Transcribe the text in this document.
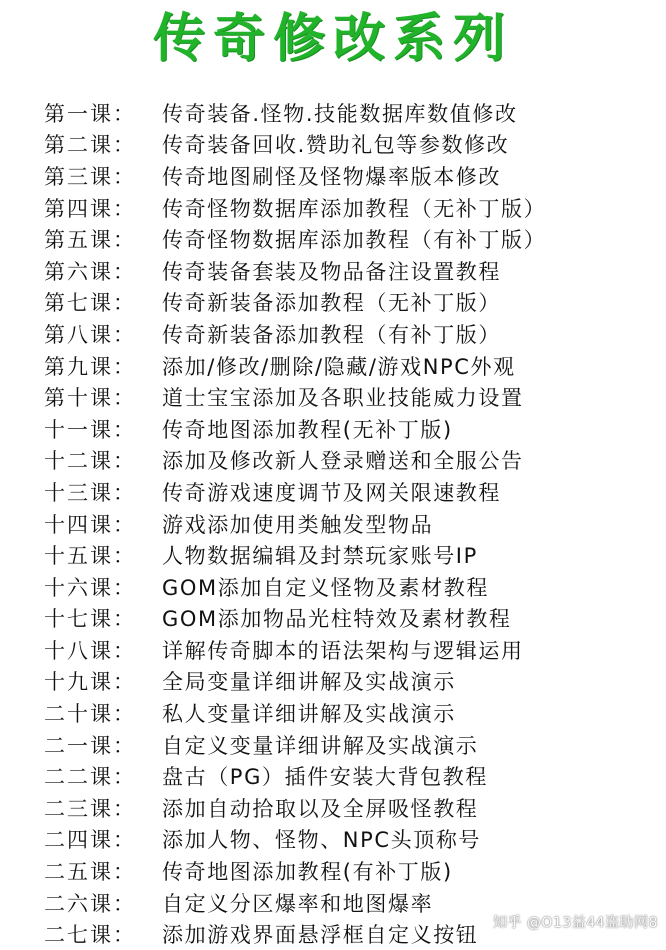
传奇修改系列
第一课：	传奇装备.怪物.技能数据库数值修改
第二课：	传奇装备回收.赞助礼包等参数修改
第三课：	传奇地图刷怪及怪物爆率版本修改
第四课：	传奇怪物数据库添加教程（无补丁版）
第五课：	传奇怪物数据库添加教程（有补丁版）
第六课：	传奇装备套装及物品备注设置教程
第七课：	传奇新装备添加教程（无补丁版）
第八课：	传奇新装备添加教程（有补丁版）
第九课：	添加/修改/删除/隐藏/游戏NPC外观
第十课：	道士宝宝添加及各职业技能威力设置
十一课：	传奇地图添加教程(无补丁版)
十二课：	添加及修改新人登录赠送和全服公告
十三课：	传奇游戏速度调节及网关限速教程
十四课：	游戏添加使用类触发型物品
十五课：	人物数据编辑及封禁玩家账号IP
十六课：	GOM添加自定义怪物及素材教程
十七课：	GOM添加物品光柱特效及素材教程
十八课：	详解传奇脚本的语法架构与逻辑运用
十九课：	全局变量详细讲解及实战演示
二十课：	私人变量详细讲解及实战演示
二一课：	自定义变量详细讲解及实战演示
二二课：	盘古（PG）插件安装大背包教程
二三课：	添加自动拾取以及全屏吸怪教程
二四课：	添加人物、怪物、NPC头顶称号
二五课：	传奇地图添加教程(有补丁版)
二六课：	自定义分区爆率和地图爆率
二七课：	添加游戏界面悬浮框自定义按钮
知乎 @O13益44盗助网8
